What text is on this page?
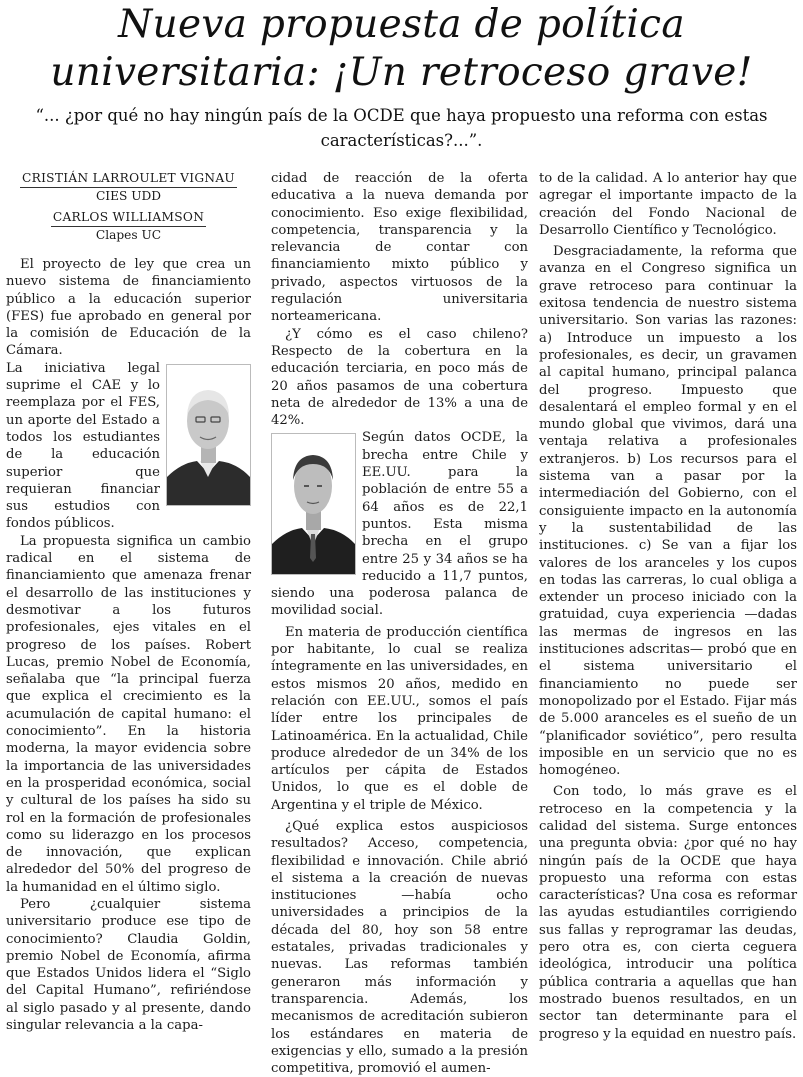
Nueva propuesta de política
universitaria: ¡Un retroceso grave!
“... ¿por qué no hay ningún país de la OCDE que haya propuesto una reforma con estas
características?...”.
CRISTIÁN LARROULET VIGNAU
CIES UDD
CARLOS WILLIAMSON
Clapes UC

El proyecto de ley que crea un nuevo sistema de financiamiento público a la educación superior (FES) fue aprobado en general por la comisión de Educación de la Cámara.

La iniciativa legal suprime el CAE y lo reemplaza por el FES, un aporte del Estado a todos los estudiantes de la educación superior que requieran financiar sus estudios con fondos públicos.

La propuesta significa un cambio radical en el sistema de financiamiento que amenaza frenar el desarrollo de las instituciones y desmotivar a los futuros profesionales, ejes vitales en el progreso de los países. Robert Lucas, premio Nobel de Economía, señalaba que “la principal fuerza que explica el crecimiento es la acumulación de capital humano: el conocimiento”. En la historia moderna, la mayor evidencia sobre la importancia de las universidades en la prosperidad económica, social y cultural de los países ha sido su rol en la formación de profesionales como su liderazgo en los procesos de innovación, que explican alrededor del 50% del progreso de la humanidad en el último siglo.

Pero ¿cualquier sistema universitario produce ese tipo de conocimiento? Claudia Goldin, premio Nobel de Economía, afirma que Estados Unidos lidera el “Siglo del Capital Humano”, refiriéndose al siglo pasado y al presente, dando singular relevancia a la capa-

cidad de reacción de la oferta educativa a la nueva demanda por conocimiento. Eso exige flexibilidad, competencia, transparencia y la relevancia de contar con financiamiento mixto público y privado, aspectos virtuosos de la regulación universitaria norteamericana.

¿Y cómo es el caso chileno? Respecto de la cobertura en la educación terciaria, en poco más de 20 años pasamos de una cobertura neta de alrededor de 13% a una de 42%.

Según datos OCDE, la brecha entre Chile y EE.UU. para la población de entre 55 a 64 años es de 22,1 puntos. Esta misma brecha en el grupo entre 25 y 34 años se ha reducido a 11,7 puntos, siendo una poderosa palanca de movilidad social.

En materia de producción científica por habitante, lo cual se realiza íntegramente en las universidades, en estos mismos 20 años, medido en relación con EE.UU., somos el país líder entre los principales de Latinoamérica. En la actualidad, Chile produce alrededor de un 34% de los artículos per cápita de Estados Unidos, lo que es el doble de Argentina y el triple de México.

¿Qué explica estos auspiciosos resultados? Acceso, competencia, flexibilidad e innovación. Chile abrió el sistema a la creación de nuevas instituciones —había ocho universidades a principios de la década del 80, hoy son 58 entre estatales, privadas tradicionales y nuevas. Las reformas también generaron más información y transparencia. Además, los mecanismos de acreditación subieron los estándares en materia de exigencias y ello, sumado a la presión competitiva, promovió el aumen-

to de la calidad. A lo anterior hay que agregar el importante impacto de la creación del Fondo Nacional de Desarrollo Científico y Tecnológico.

Desgraciadamente, la reforma que avanza en el Congreso significa un grave retroceso para continuar la exitosa tendencia de nuestro sistema universitario. Son varias las razones: a) Introduce un impuesto a los profesionales, es decir, un gravamen al capital humano, principal palanca del progreso. Impuesto que desalentará el empleo formal y en el mundo global que vivimos, dará una ventaja relativa a profesionales extranjeros. b) Los recursos para el sistema van a pasar por la intermediación del Gobierno, con el consiguiente impacto en la autonomía y la sustentabilidad de las instituciones. c) Se van a fijar los valores de los aranceles y los cupos en todas las carreras, lo cual obliga a extender un proceso iniciado con la gratuidad, cuya experiencia —dadas las mermas de ingresos en las instituciones adscritas— probó que en el sistema universitario el financiamiento no puede ser monopolizado por el Estado. Fijar más de 5.000 aranceles es el sueño de un “planificador soviético”, pero resulta imposible en un servicio que no es homogéneo.

Con todo, lo más grave es el retroceso en la competencia y la calidad del sistema. Surge entonces una pregunta obvia: ¿por qué no hay ningún país de la OCDE que haya propuesto una reforma con estas características? Una cosa es reformar las ayudas estudiantiles corrigiendo sus fallas y reprogramar las deudas, pero otra es, con cierta ceguera ideológica, introducir una política pública contraria a aquellas que han mostrado buenos resultados, en un sector tan determinante para el progreso y la equidad en nuestro país.
